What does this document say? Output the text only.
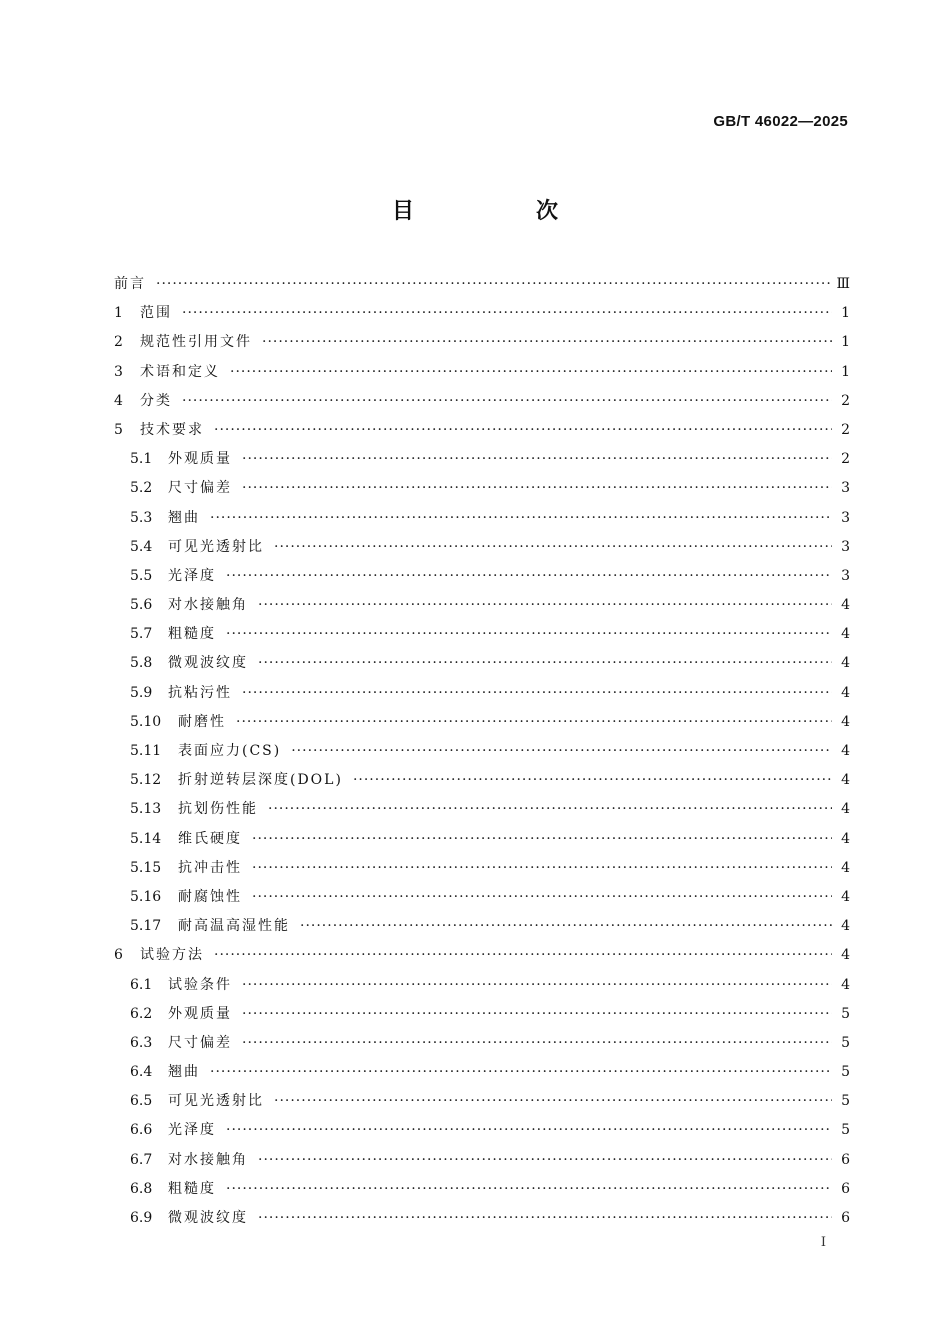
GB/T 46022—2025
目　次
前言 ·····	Ⅲ
1	范围 ·····	1
2	规范性引用文件 ·····	1
3	术语和定义 ·····	1
4	分类 ·····	2
5	技术要求 ·····	2
5.1	外观质量 ·····	2
5.2	尺寸偏差 ·····	3
5.3	翘曲 ·····	3
5.4	可见光透射比 ·····	3
5.5	光泽度 ·····	3
5.6	对水接触角 ·····	4
5.7	粗糙度 ·····	4
5.8	微观波纹度 ·····	4
5.9	抗粘污性 ·····	4
5.10	耐磨性 ·····	4
5.11	表面应力(CS) ·····	4
5.12	折射逆转层深度(DOL) ·····	4
5.13	抗划伤性能 ·····	4
5.14	维氏硬度 ·····	4
5.15	抗冲击性 ·····	4
5.16	耐腐蚀性 ·····	4
5.17	耐高温高湿性能 ·····	4
6	试验方法 ·····	4
6.1	试验条件 ·····	4
6.2	外观质量 ·····	5
6.3	尺寸偏差 ·····	5
6.4	翘曲 ·····	5
6.5	可见光透射比 ·····	5
6.6	光泽度 ·····	5
6.7	对水接触角 ·····	6
6.8	粗糙度 ·····	6
6.9	微观波纹度 ·····	6
I
